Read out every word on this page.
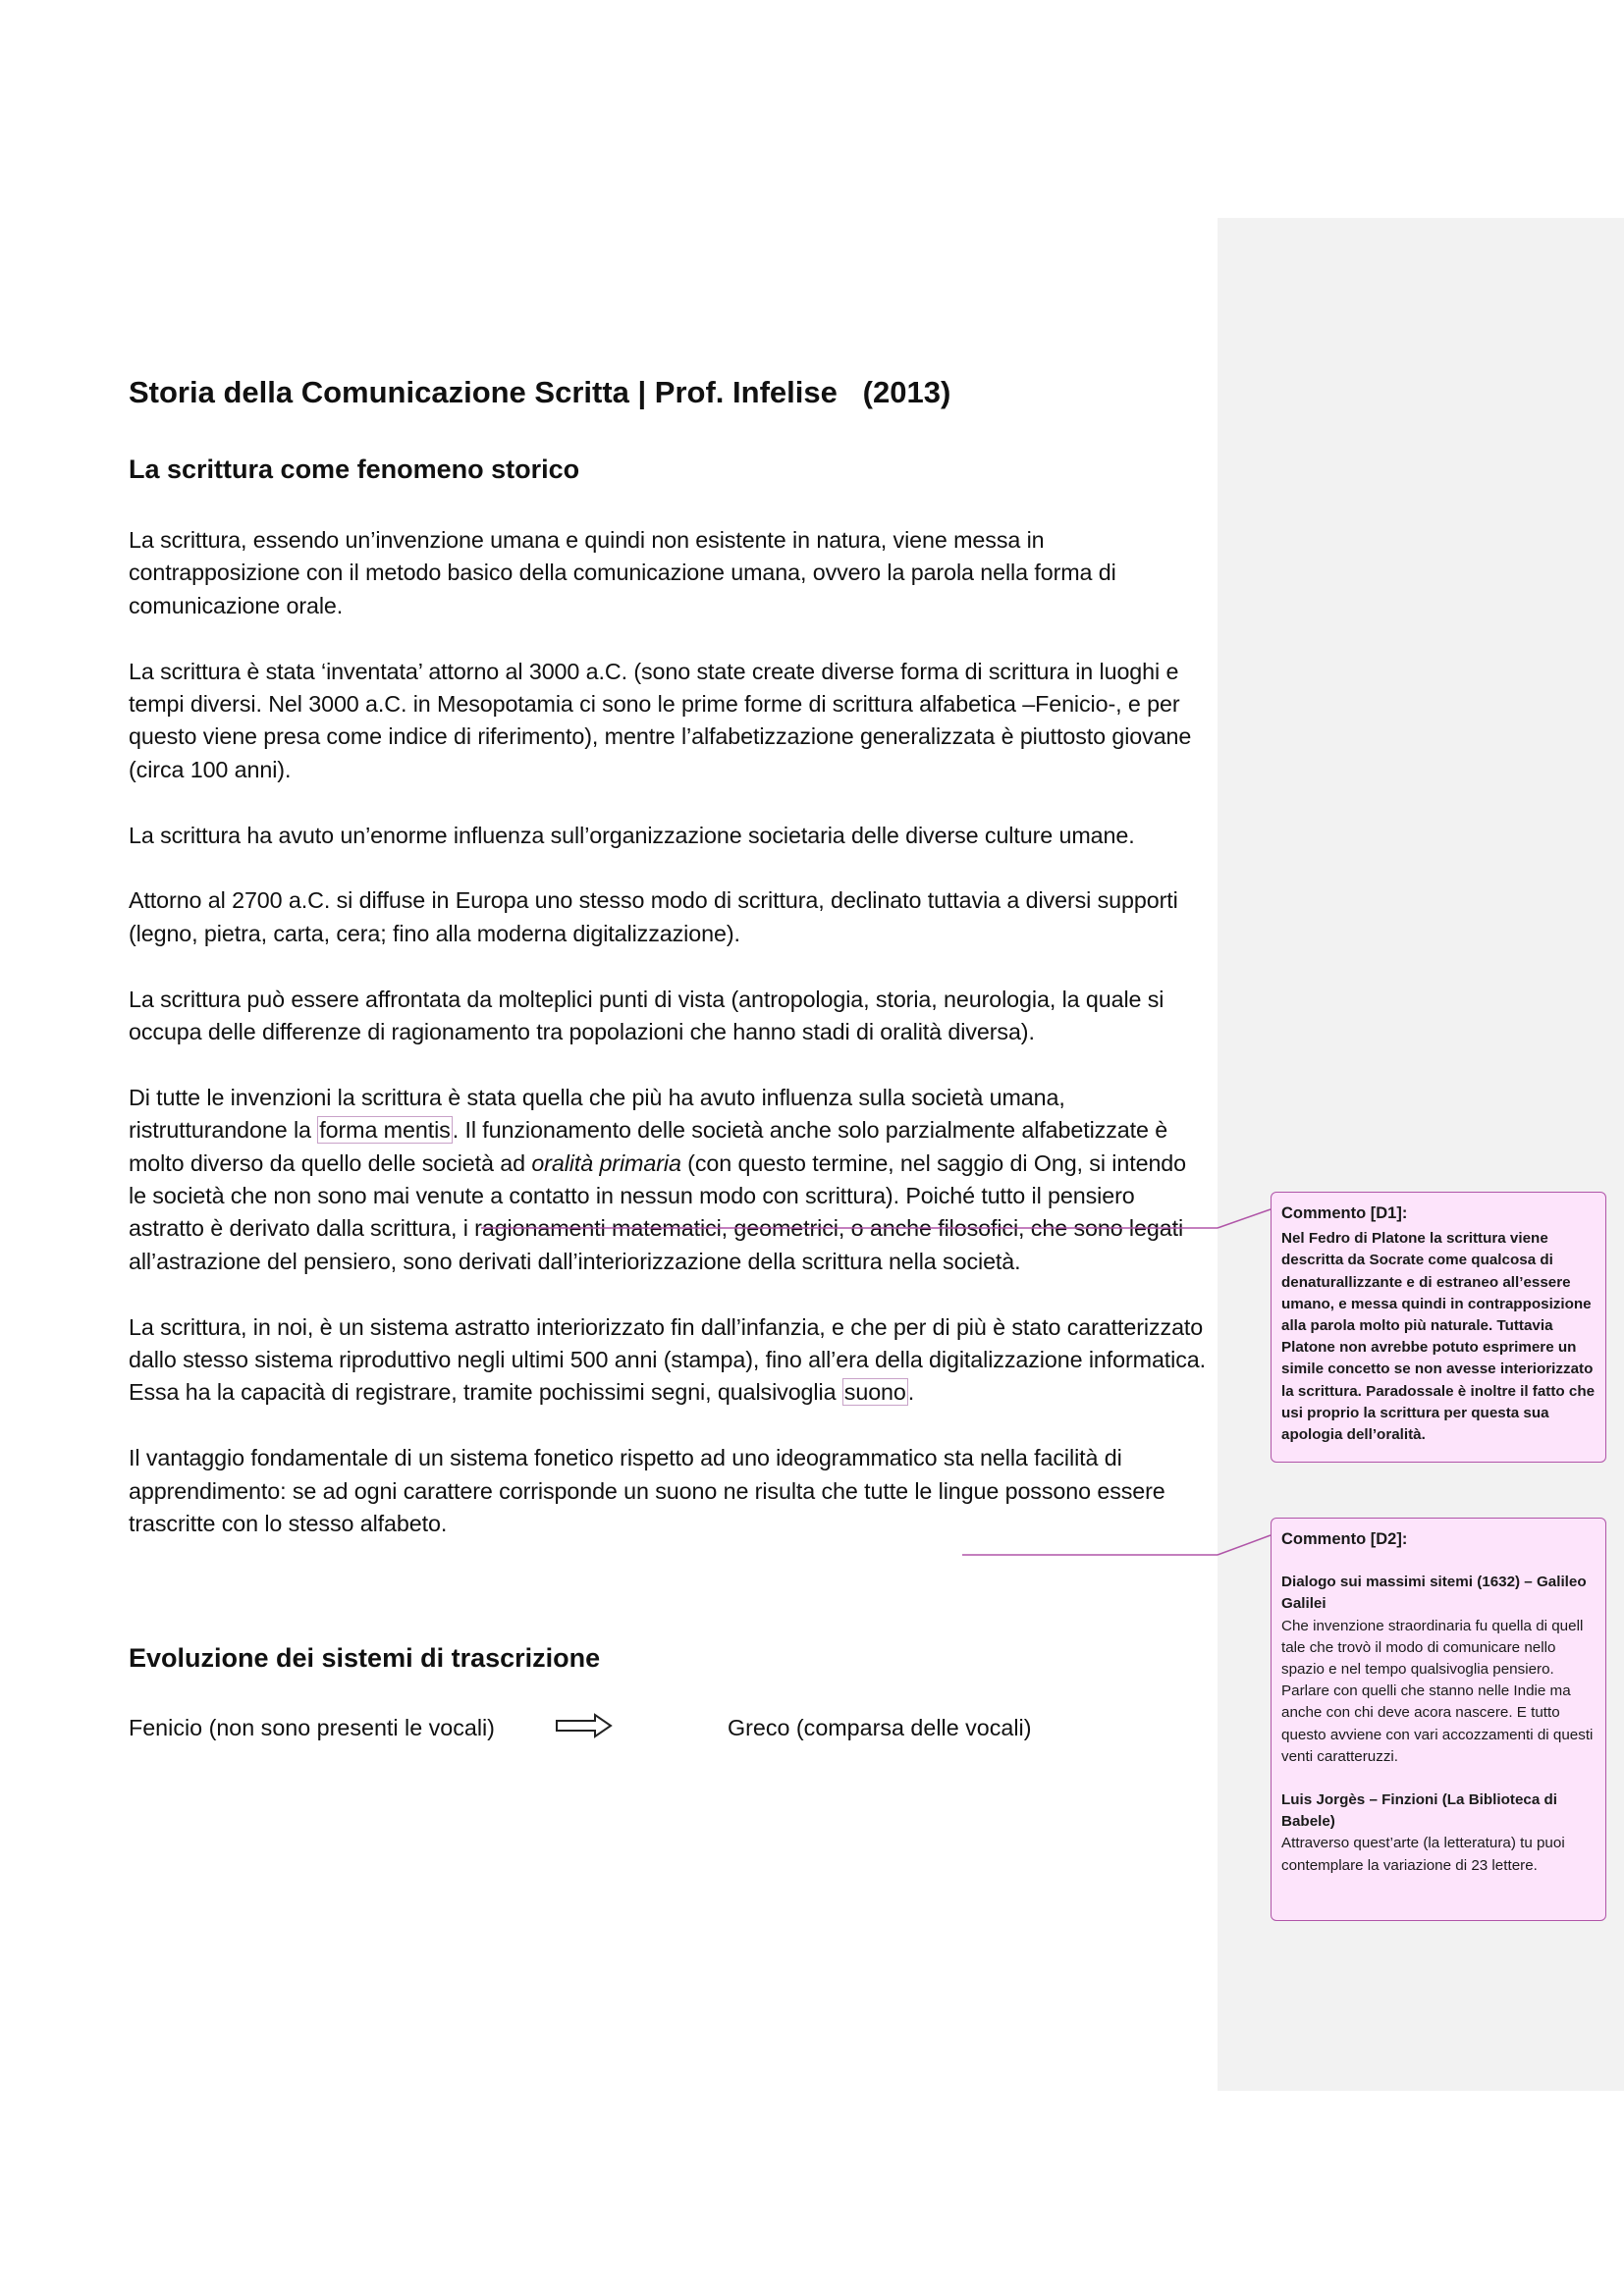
Storia della Comunicazione Scritta | Prof. Infelise   (2013)
La scrittura come fenomeno storico

La scrittura, essendo un’invenzione umana e quindi non esistente in natura, viene messa in contrapposizione con il metodo basico della comunicazione umana, ovvero la parola nella forma di comunicazione orale.

La scrittura è stata ‘inventata’ attorno al 3000 a.C. (sono state create diverse forma di scrittura in luoghi e tempi diversi. Nel 3000 a.C. in Mesopotamia ci sono le prime forme di scrittura alfabetica –Fenicio-, e per questo viene presa come indice di riferimento), mentre l’alfabetizzazione generalizzata è piuttosto giovane (circa 100 anni).

La scrittura ha avuto un’enorme influenza sull’organizzazione societaria delle diverse culture umane.

Attorno al 2700 a.C. si diffuse in Europa uno stesso modo di scrittura, declinato tuttavia a diversi supporti (legno, pietra, carta, cera; fino alla moderna digitalizzazione).

La scrittura può essere affrontata da molteplici punti di vista (antropologia, storia, neurologia, la quale si occupa delle differenze di ragionamento tra popolazioni che hanno stadi di oralità diversa).

Di tutte le invenzioni la scrittura è stata quella che più ha avuto influenza sulla società umana, ristrutturandone la forma mentis. Il funzionamento delle società anche solo parzialmente alfabetizzate è molto diverso da quello delle società ad oralità primaria (con questo termine, nel saggio di Ong, si intendo le società che non sono mai venute a contatto in nessun modo con scrittura). Poiché tutto il pensiero astratto è derivato dalla scrittura, i ragionamenti matematici, geometrici, o anche filosofici, che sono legati all’astrazione del pensiero, sono derivati dall’interiorizzazione della scrittura nella società.

La scrittura, in noi, è un sistema astratto interiorizzato fin dall’infanzia, e che per di più è stato caratterizzato dallo stesso sistema riproduttivo negli ultimi 500 anni (stampa), fino all’era della digitalizzazione informatica.
Essa ha la capacità di registrare, tramite pochissimi segni, qualsivoglia suono.

Il vantaggio fondamentale di un sistema fonetico rispetto ad uno ideogrammatico sta nella facilità di apprendimento: se ad ogni carattere corrisponde un suono ne risulta che tutte le lingue possono essere trascritte con lo stesso alfabeto.

Evoluzione dei sistemi di trascrizione
Fenicio (non sono presenti le vocali)	Greco (comparsa delle vocali)
Commento [D1]:

Nel Fedro di Platone la scrittura viene descritta da Socrate come qualcosa di denaturallizzante e di estraneo all’essere umano, e messa quindi in contrapposizione alla parola molto più naturale. Tuttavia Platone non avrebbe potuto esprimere un simile concetto se non avesse interiorizzato la scrittura. Paradossale è inoltre il fatto che usi proprio la scrittura per questa sua apologia dell’oralità.

Commento [D2]:

Dialogo sui massimi sitemi (1632) – Galileo Galilei

Che invenzione straordinaria fu quella di quell tale che trovò il modo di comunicare nello spazio e nel tempo qualsivoglia pensiero. Parlare con quelli che stanno nelle Indie ma anche con chi deve acora nascere. E tutto questo avviene con vari accozzamenti di questi venti caratteruzzi.

Luis Jorgès – Finzioni (La Biblioteca di Babele)

Attraverso quest’arte (la letteratura) tu puoi contemplare la variazione di 23 lettere.
